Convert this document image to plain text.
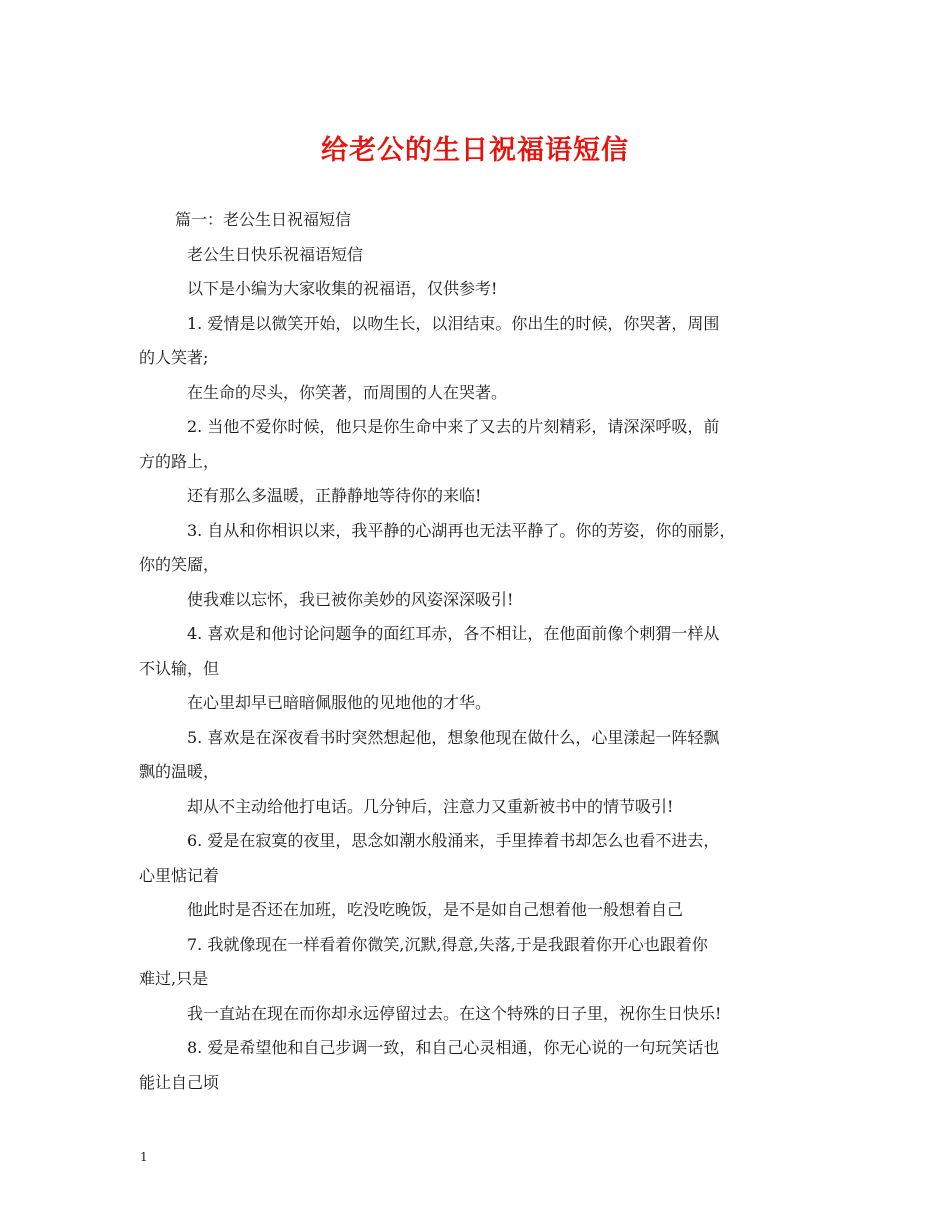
给老公的生日祝福语短信
篇一：老公生日祝福短信
老公生日快乐祝福语短信
以下是小编为大家收集的祝福语，仅供参考!
1. 爱情是以微笑开始，以吻生长，以泪结束。你出生的时候，你哭著，周围
的人笑著;
在生命的尽头，你笑著，而周围的人在哭著。
2. 当他不爱你时候，他只是你生命中来了又去的片刻精彩，请深深呼吸，前
方的路上，
还有那么多温暖，正静静地等待你的来临!
3. 自从和你相识以来，我平静的心湖再也无法平静了。你的芳姿，你的丽影，
你的笑靥，
使我难以忘怀，我已被你美妙的风姿深深吸引!
4. 喜欢是和他讨论问题争的面红耳赤，各不相让，在他面前像个刺猬一样从
不认输，但
在心里却早已暗暗佩服他的见地他的才华。
5. 喜欢是在深夜看书时突然想起他，想象他现在做什么，心里漾起一阵轻飘
飘的温暖，
却从不主动给他打电话。几分钟后，注意力又重新被书中的情节吸引!
6. 爱是在寂寞的夜里，思念如潮水般涌来，手里捧着书却怎么也看不进去，
心里惦记着
他此时是否还在加班，吃没吃晚饭，是不是如自己想着他一般想着自己
7. 我就像现在一样看着你微笑,沉默,得意,失落,于是我跟着你开心也跟着你
难过,只是
我一直站在现在而你却永远停留过去。在这个特殊的日子里，祝你生日快乐!
8. 爱是希望他和自己步调一致，和自己心灵相通，你无心说的一句玩笑话也
能让自己顷
1
